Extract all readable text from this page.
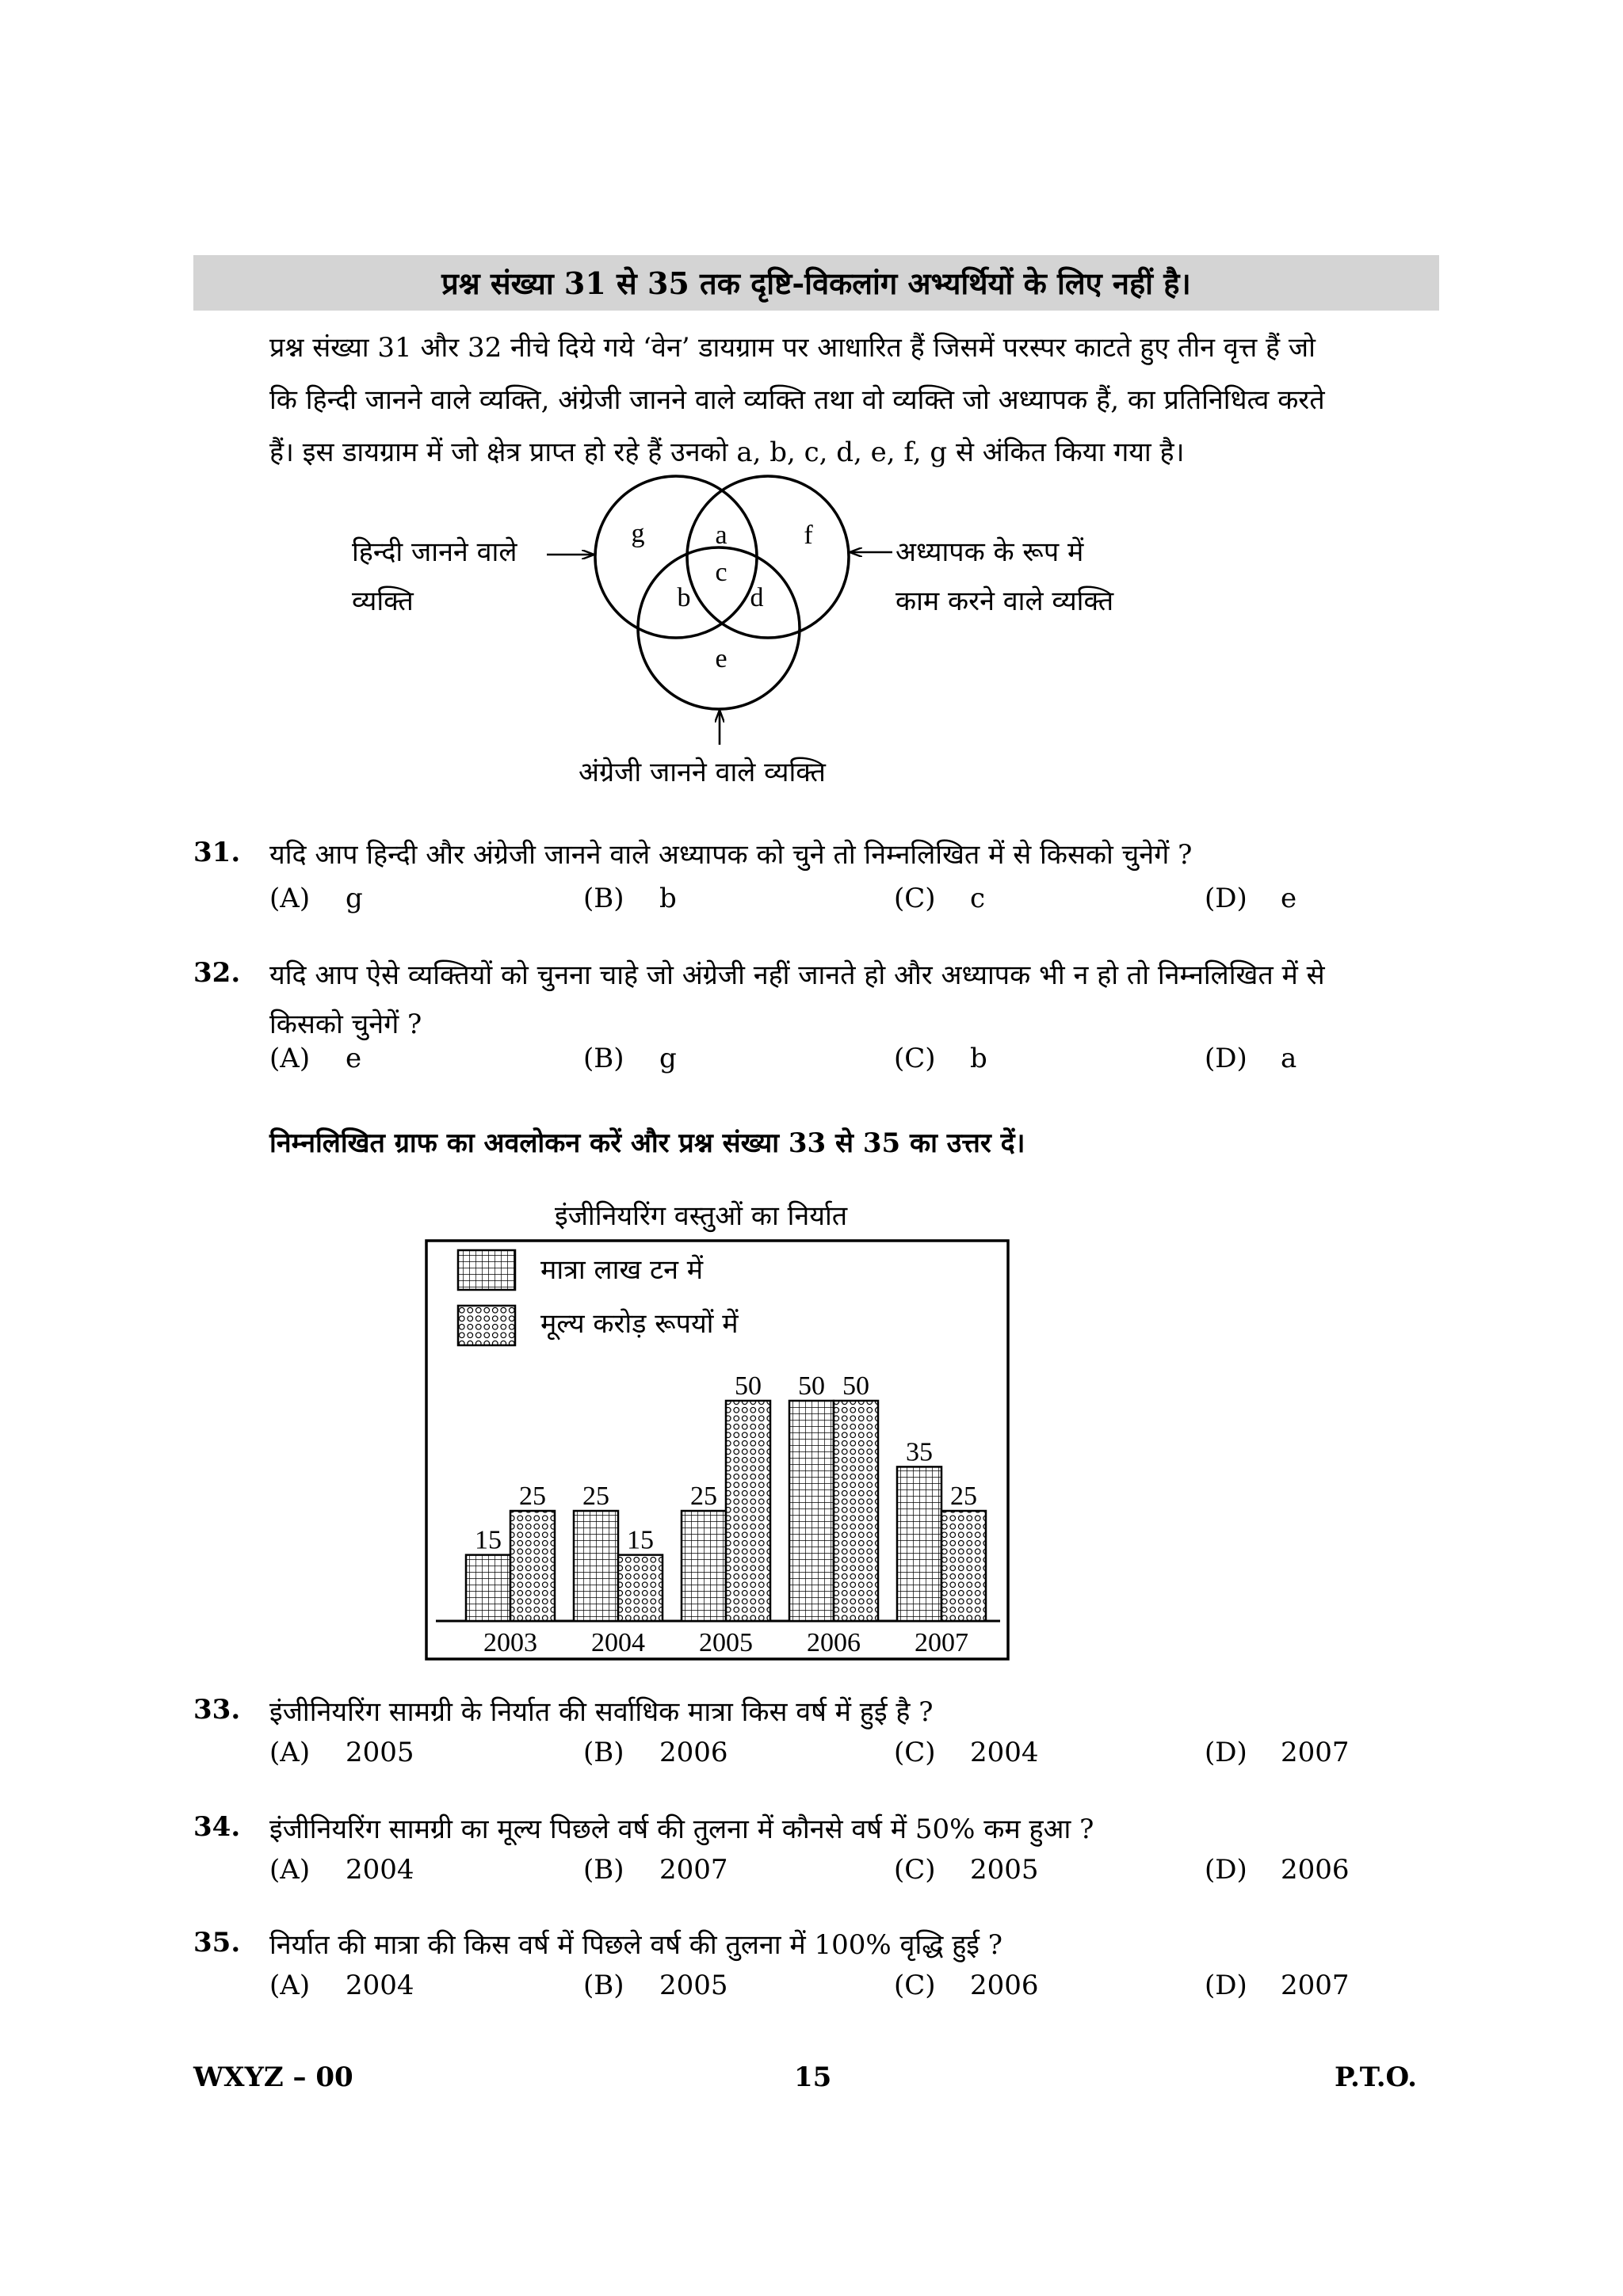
प्रश्न संख्या 31 से 35 तक दृष्टि-विकलांग अभ्यर्थियों के लिए नहीं है।

प्रश्न संख्या 31 और 32 नीचे दिये गये ‘वेन’ डायग्राम पर आधारित हैं जिसमें परस्पर काटते हुए तीन वृत्त हैं जो

कि हिन्दी जानने वाले व्यक्ति, अंग्रेजी जानने वाले व्यक्ति तथा वो व्यक्ति जो अध्यापक हैं, का प्रतिनिधित्व करते

हैं। इस डायग्राम में जो क्षेत्र प्राप्त हो रहे हैं उनको a, b, c, d, e, f, g से अंकित किया गया है।

हिन्दी जानने वाले
व्यक्ति
अध्यापक के रूप में
काम करने वाले व्यक्ति
अंग्रेजी जानने वाले व्यक्ति
g	a	f
c
b d
e
31. यदि आप हिन्दी और अंग्रेजी जानने वाले अध्यापक को चुने तो निम्नलिखित में से किसको चुनेगें ?
(A) g	(B) b	(C) c	(D) e
32. यदि आप ऐसे व्यक्तियों को चुनना चाहे जो अंग्रेजी नहीं जानते हो और अध्यापक भी न हो तो निम्नलिखित में से
किसको चुनेगें ?
(A) e	(B) g	(C) b	(D) a
निम्नलिखित ग्राफ का अवलोकन करें और प्रश्न संख्या 33 से 35 का उत्तर दें।
इंजीनियरिंग वस्तुओं का निर्यात
मात्रा लाख टन में
मूल्य करोड़ रूपयों में
15
25
2003
25
15
2004
25
50
2005
50 50
2006
35
25
2007
33. इंजीनियरिंग सामग्री के निर्यात की सर्वाधिक मात्रा किस वर्ष में हुई है ?
(A) 2005	(B) 2006	(C) 2004	(D) 2007
34. इंजीनियरिंग सामग्री का मूल्य पिछले वर्ष की तुलना में कौनसे वर्ष में 50% कम हुआ ?
(A) 2004	(B) 2007	(C) 2005	(D) 2006
35. निर्यात की मात्रा की किस वर्ष में पिछले वर्ष की तुलना में 100% वृद्धि हुई ?
(A) 2004	(B) 2005	(C) 2006	(D) 2007
WXYZ – 00	15	P.T.O.
